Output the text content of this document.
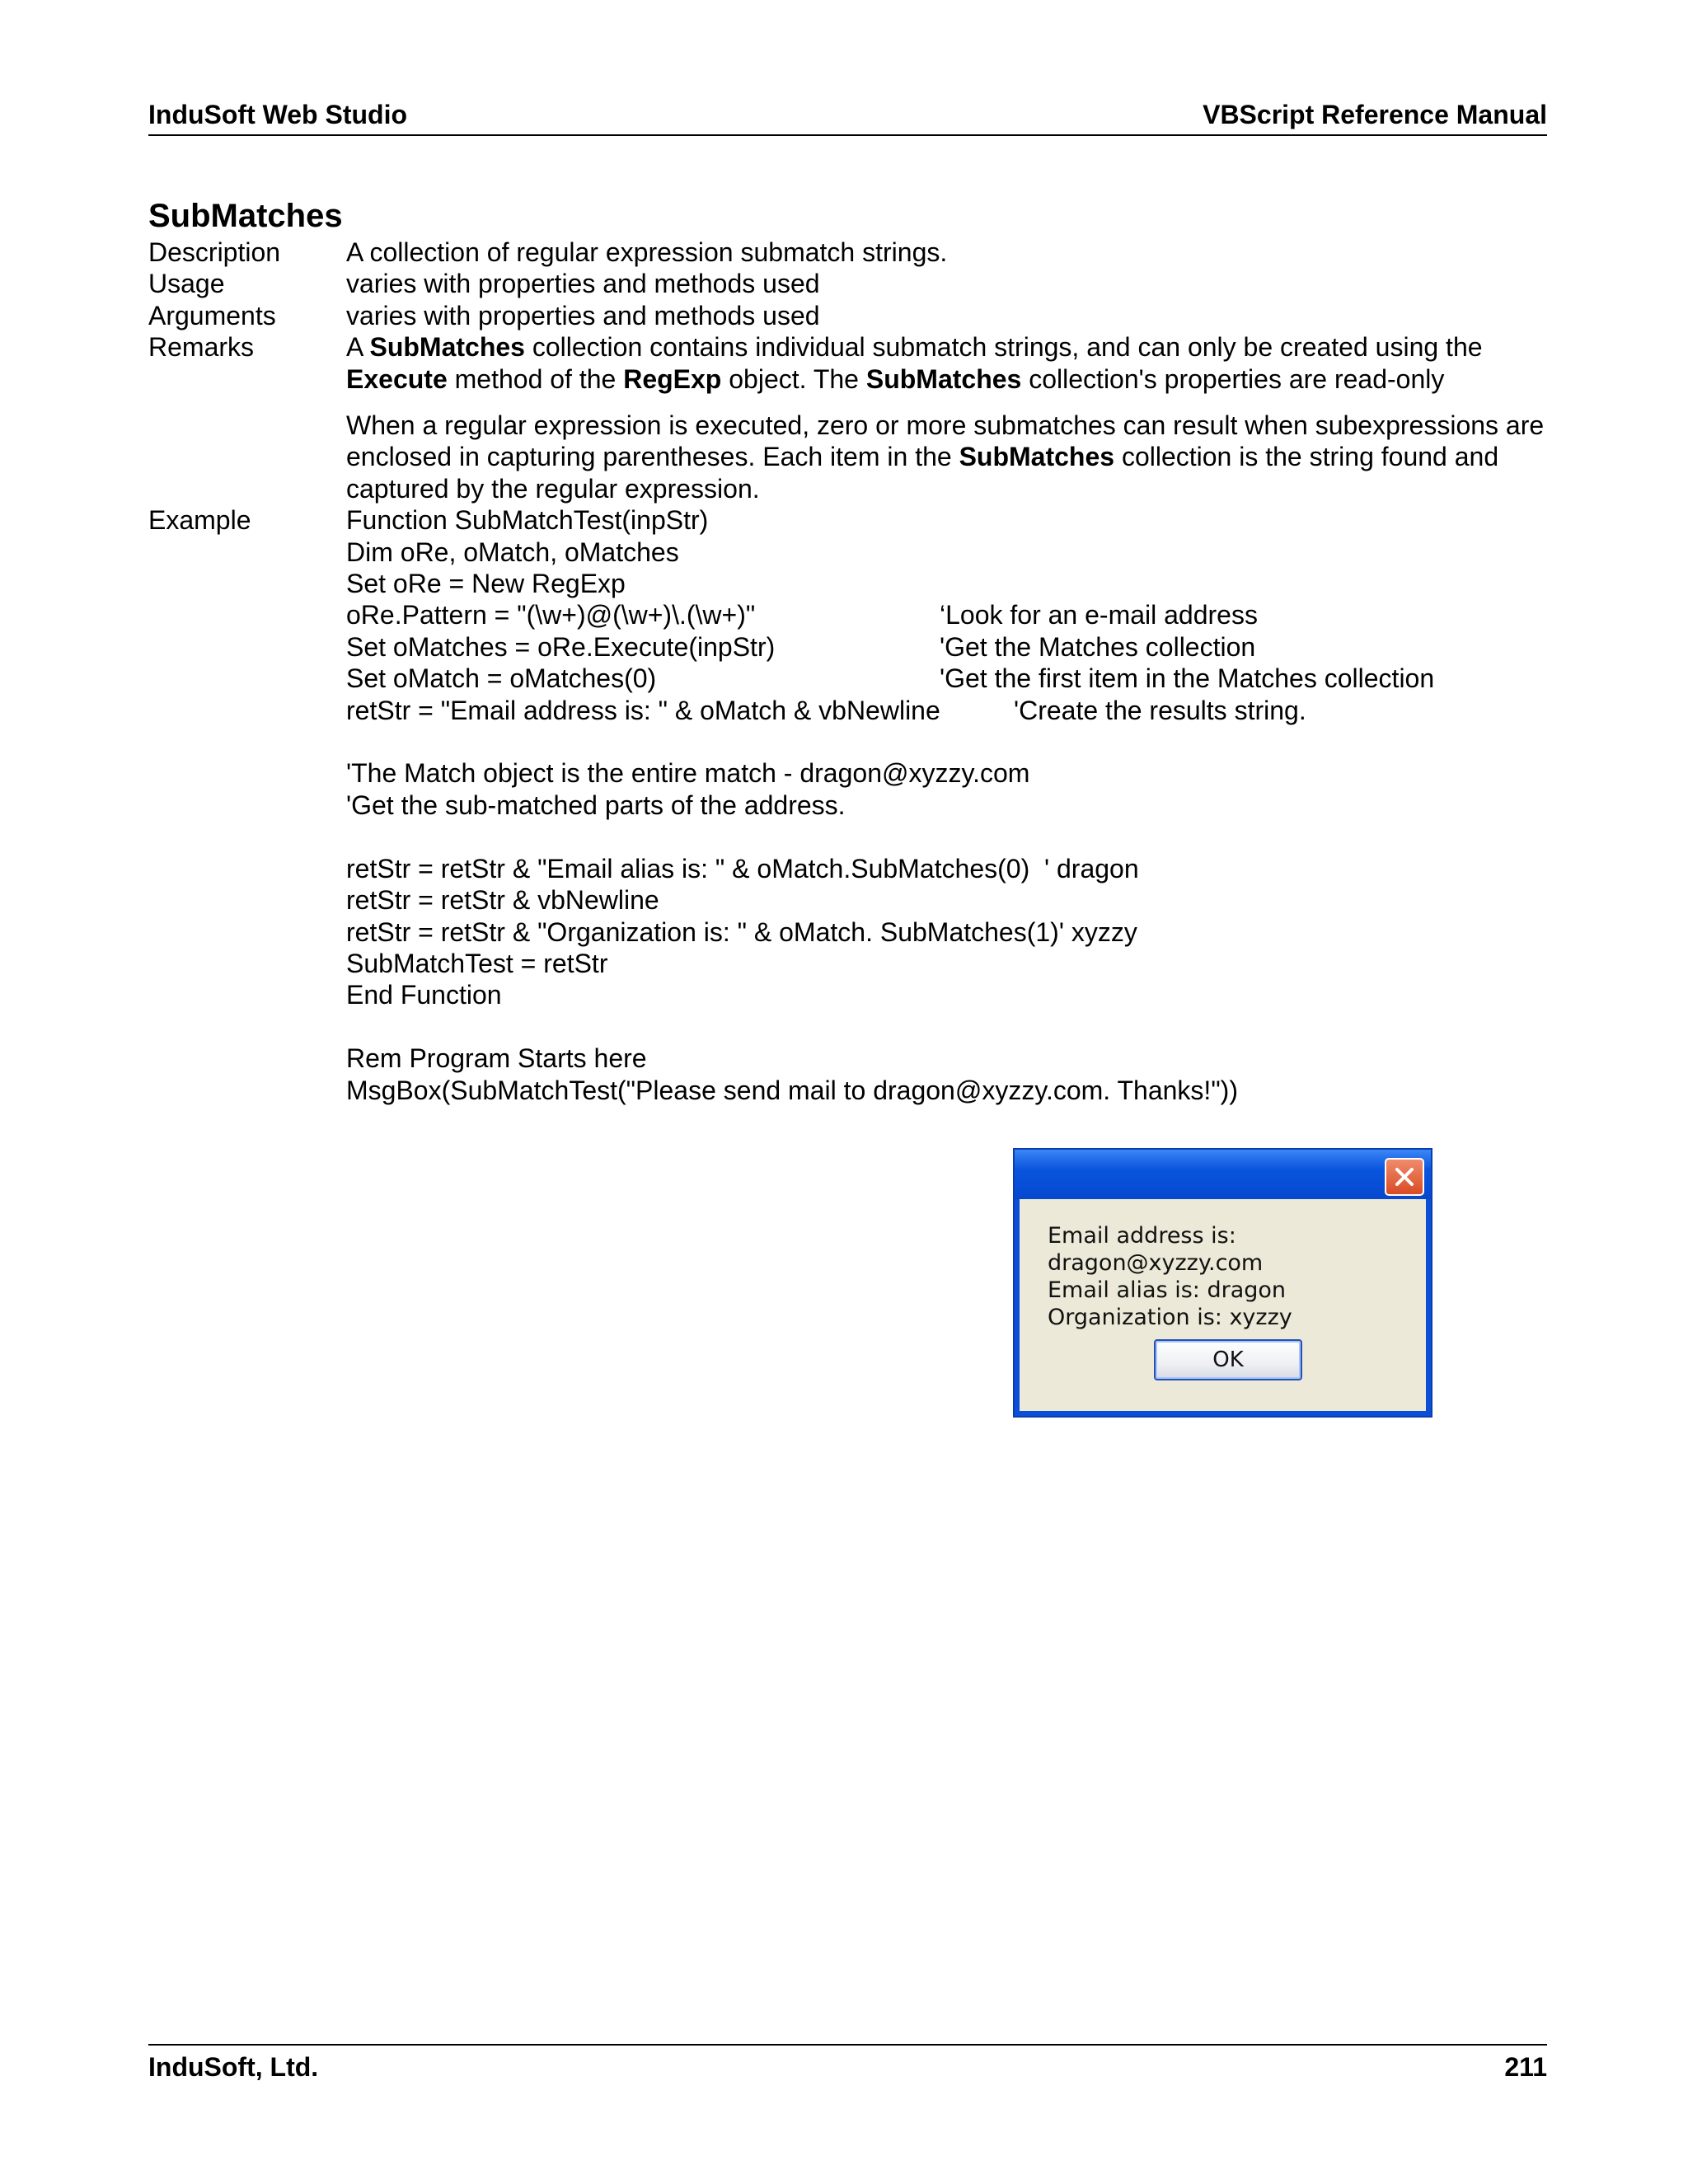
InduSoft Web Studio	VBScript Reference Manual
SubMatches
Description	A collection of regular expression submatch strings.
Usage	varies with properties and methods used
Arguments	varies with properties and methods used
Remarks	A SubMatches collection contains individual submatch strings, and can only be created using the Execute method of the RegExp object. The SubMatches collection's properties are read-only
When a regular expression is executed, zero or more submatches can result when subexpressions are enclosed in capturing parentheses. Each item in the SubMatches collection is the string found and captured by the regular expression.
Example	Function SubMatchTest(inpStr)
Dim oRe, oMatch, oMatches
Set oRe = New RegExp
oRe.Pattern = "(\w+)@(\w+)\.(\w+)"	‘Look for an e-mail address
Set oMatches = oRe.Execute(inpStr)	'Get the Matches collection
Set oMatch = oMatches(0)	'Get the first item in the Matches collection
retStr = "Email address is: " & oMatch & vbNewline	'Create the results string.
'The Match object is the entire match - dragon@xyzzy.com
'Get the sub-matched parts of the address.
retStr = retStr & "Email alias is: " & oMatch.SubMatches(0)  ' dragon
retStr = retStr & vbNewline
retStr = retStr & "Organization is: " & oMatch. SubMatches(1)' xyzzy
SubMatchTest = retStr
End Function
Rem Program Starts here
MsgBox(SubMatchTest("Please send mail to dragon@xyzzy.com. Thanks!"))
Email address is: dragon@xyzzy.com
Email alias is: dragon
Organization is: xyzzy
OK
InduSoft, Ltd.	211
